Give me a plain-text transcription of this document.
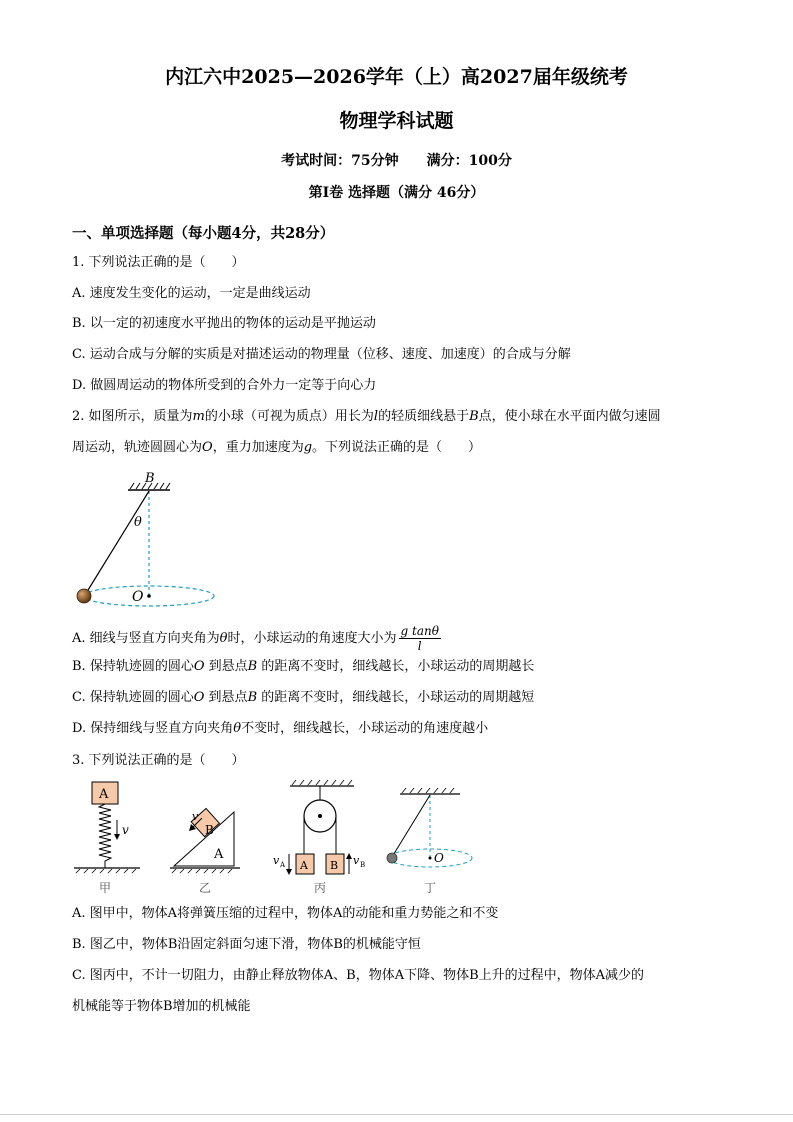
内江六中2025—2026学年（上）高2027届年级统考
物理学科试题
考试时间：75分钟 满分：100分
第Ⅰ卷 选择题（满分 46分）
一、单项选择题（每小题4分，共28分）
1. 下列说法正确的是（　　）
A. 速度发生变化的运动，一定是曲线运动
B. 以一定的初速度水平抛出的物体的运动是平抛运动
C. 运动合成与分解的实质是对描述运动的物理量（位移、速度、加速度）的合成与分解
D. 做圆周运动的物体所受到的合外力一定等于向心力
2. 如图所示，质量为m的小球（可视为质点）用长为l的轻质细线悬于B点，使小球在水平面内做匀速圆
周运动，轨迹圆圆心为O，重力加速度为g。下列说法正确的是（　　）
B
θ
O
A. 细线与竖直方向夹角为θ时，小球运动的角速度大小为 $\frac{\text{g tanθ}}{l}$
B. 保持轨迹圆的圆心O 到悬点B 的距离不变时，细线越长，小球运动的周期越长
C. 保持轨迹圆的圆心O 到悬点B 的距离不变时，细线越长，小球运动的周期越短
D. 保持细线与竖直方向夹角θ不变时，细线越长，小球运动的角速度越小
3. 下列说法正确的是（　　）
A
v
甲
A
B
v
乙
A B
v A	v B
丙
O
丁
A. 图甲中，物体A将弹簧压缩的过程中，物体A的动能和重力势能之和不变
B. 图乙中，物体B沿固定斜面匀速下滑，物体B的机械能守恒
C. 图丙中，不计一切阻力，由静止释放物体A、B，物体A下降、物体B上升的过程中，物体A减少的
机械能等于物体B增加的机械能
